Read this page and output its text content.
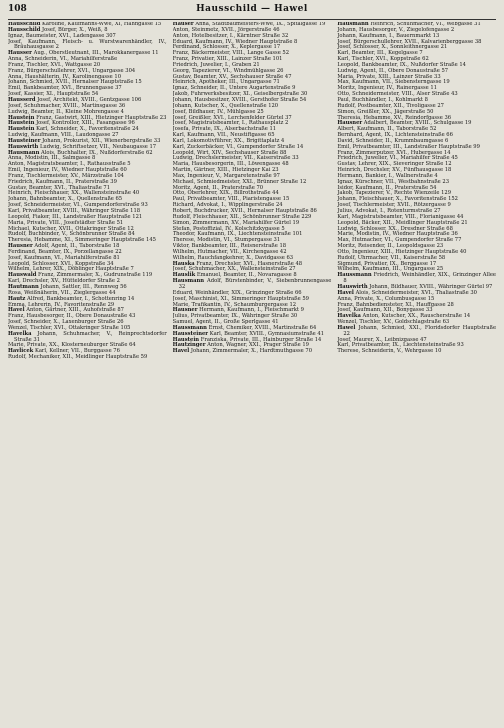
108	Hausschild — Hawel
Hausschild Karoline, Kaufmanns-Wwe, XI, Hahngasse 15
Hausschild Josef, Bürger, X., Weiß, 8
Ignaz, Baumeister, XVI., Ladengasse 307
Josef, Kaufmann, Fleisch- u. Wurstwarenhändler, IV., Bräuhausgasse 2
Hausser Aug., Oberstleutnant, III., Marokkanergasse 11
Anna, Schneiderin, VI., Mariahilferstraße
Franz, Tischler, XVI., Wattgasse 20
Franz, Bürgerschullehrer, XVI., Ungargasse 304
Anna, Haushälterin, IV., Karolinengasse 10
Johann, Schmied, XVII., Hernalser Hauptstraße 15
Emil, Bankbeamter, XVI., Brunnengasse 37
Josef, Kassier, XI., Hauptstraße 54
Hausserd Josef, Architekt, XVIII., Gentzgasse 106
Josef, Schuhmacher, XVIII., Martinsgasse 36
Ludwig, Beamter, II., Kleine Mohrengasse 4
Haustein Franz, Gastwirt, XIII., Hietzinger Hauptstraße 23
Haustein Josef, Kontrollor, XIII., Fasangasse 96
Haustein Karl, Schneider, X., Favoritenstraße 24
Ludwig, Kaufmann, VIII., Laudongasse 27
Hausteiner Johann, Prokurist, XII., Wienerbergstraße 33
Hauswirth Ludwig, Schriftsetzer, VII., Neubaugasse 17
Hausmann Alois, Buchhalter, IX., Nußdorferstraße 62
Anna, Modistin, III., Salmgasse 8
Anton, Magistratsbeamter, I., Rathausstraße 5
Emil, Ingenieur, IV., Wiedner Hauptstraße 60
Franz, Tischlermeister, XV., Märzstraße 104
Friedrich, Kaufmann, II., Praterstraße 39
Gustav, Beamter, XVI., Thaliastraße 71
Heinrich, Fleischhauer, XX., Wallensteinstraße 40
Johann, Bahnbeamter, X., Quellenstraße 65
Josef, Schneidermeister, VI., Gumpendorferstraße 93
Karl, Privatbeamter, XVIII., Währinger Straße 118
Leopold, Fiaker, III., Landstraßer Hauptstraße 121
Maria, Private, VIII., Josefstädter Straße 51
Michael, Kutscher, XVII., Ottakringer Straße 12
Rudolf, Buchbinder, V., Schönbrunner Straße 84
Theresia, Hebamme, XI., Simmeringer Hauptstraße 145
Hausner Adolf, Agent, II., Taborstraße 18
Ferdinand, Beamter, IX., Porzellangasse 22
Josef, Kaufmann, VI., Mariahilferstraße 81
Leopold, Schlosser, XVI., Koppstraße 34
Wilhelm, Lehrer, XIX., Döblinger Hauptstraße 7
Hauswald Franz, Zimmermaler, X., Gudrunstraße 119
Karl, Drechsler, XV., Hütteldorfer Straße 2
Hautmann Johann, Sattler, III., Rennweg 56
Rosa, Weißnäherin, VII., Zieglergasse 44
Hautz Alfred, Bankbeamter, I., Schottenring 14
Emma, Lehrerin, IV., Favoritenstraße 29
Havel Anton, Gärtner, XIII., Auhofstraße 87
Franz, Hausbesorger, II., Obere Donaustraße 43
Josef, Schneider, X., Laxenburger Straße 26
Wenzel, Tischler, XVI., Ottakringer Straße 105
Havelka Johann, Schuhmacher, V., Reinprechtsdorfer Straße 31
Marie, Private, XX., Klosterneuburger Straße 64
Havlicek Karl, Kellner, VII., Burggasse 76
Rudolf, Mechaniker, XII., Meidlinger Hauptstraße 59
Hauser Anna, Stadtbaumeisters-Wwe, IX., Spitalgasse 19
Anton, Steinmetz, XVII., Jörgerstraße 46
Anton, Hotelbesitzer, I., Kärntner Straße 32
Eduard, Kaufmann, IV., Wiedner Hauptstraße 8
Ferdinand, Schlosser, X., Keplergasse 17
Franz, Bäckermeister, VIII., Lange Gasse 52
Franz, Privatier, XIII., Lainzer Straße 101
Friedrich, Juwelier, I., Graben 21
Georg, Tapezierer, VI., Windmühlgasse 26
Gustav, Beamter, XV., Sechshauser Straße 47
Heinrich, Apotheker, III., Ungargasse 71
Ignaz, Schneider, II., Untere Augartenstraße 9
Jakob, Fuhrwerksbesitzer, XI., Geiselbergstraße 30
Johann, Hausbesitzer, XVIII., Gersthofer Straße 54
Johann, Kutscher, X., Quellenstraße 120
Josef, Bildhauer, IV., Mühlgasse 25
Josef, Greißler, XVI., Lerchenfelder Gürtel 37
Josef, Magistratsbeamter, I., Rathausplatz 2
Josefa, Private, IX., Alserbachstraße 11
Karl, Kaufmann, VII., Neustiftgasse 65
Karl, Lokomotivführer, XX., Brigittaplatz 4
Karl, Zuckerbäcker, VI., Gumpendorfer Straße 14
Leopold, Wirt, XIV., Sechshauser Straße 88
Ludwig, Drechslermeister, VII., Kaiserstraße 33
Maria, Hausbesorgerin, III., Löwengasse 48
Martin, Gärtner, XIII., Hietzinger Kai 23
Max, Ingenieur, V., Margaretenstraße 97
Michael, Schmiedmeister, XXI., Brünner Straße 12
Moritz, Agent, II., Praterstraße 70
Otto, Oberlehrer, XIX., Billrothstraße 44
Paul, Privatbeamter, VIII., Piaristengasse 15
Richard, Advokat, I., Wipplingerstraße 24
Robert, Buchdrucker, XVII., Hernalser Hauptstraße 86
Rudolf, Fleischhauer, XII., Schönbrunner Straße 229
Simon, Zimmermann, XV., Mariahilfer Gürtel 19
Stefan, Postoffizial, IV., Kolschitzkygasse 5
Theodor, Kaufmann, IX., Liechtensteinstraße 101
Therese, Modistin, VI., Stumpergasse 31
Viktor, Bankbeamter, III., Reisnerstraße 18
Wilhelm, Hutmacher, VII., Kirchengasse 42
Wilhelm, Rauchfangkehrer, X., Davidgasse 63
Hauska Franz, Drechsler, XVI., Hasnerstraße 48
Josef, Schuhmacher, XX., Wallensteinstraße 27
Hauslik Emanuel, Beamter, II., Novaragasse 8
Hausmann Adolf, Bürstenbinder, V., Siebenbrunnengasse 32
Eduard, Weinhändler, XIX., Grinzinger Straße 66
Josef, Maschinist, XI., Simmeringer Hauptstraße 59
Marie, Trafikantin, IV., Schaumburgergasse 12
Hausner Hermann, Kaufmann, I., Fleischmarkt 9
Julius, Privatbeamter, IX., Währinger Straße 30
Samuel, Agent, II., Große Sperlgasse 41
Haussmann Ernst, Chemiker, XVIII., Martinstraße 64
Haussteiner Karl, Beamter, XVIII., Gymnasiumstraße 41
Haustein Franziska, Private, III., Hainburger Straße 14
Hautzinger Anton, Wagner, XXI., Prager Straße 19
Havel Johann, Zimmermaler, X., Hardtmuthgasse 70
Hausmann Heinrich, Schuhmacher, VI., Webgasse 31
Johann, Hausbesorger, V., Ziegelofengasse 2
Johann, Kaufmann, I., Bauernmarkt 13
Josef, Bürgerschullehrer, XVII., Kalvarienberggasse 38
Josef, Schlosser, X., Sonnleithnergasse 21
Karl, Beamter, III., Kegelgasse 7
Karl, Tischler, XVI., Koppstraße 62
Leopold, Bankbeamter, IX., Nußdorfer Straße 14
Ludwig, Agent, II., Obere Donaustraße 57
Maria, Private, XIII., Lainzer Straße 33
Max, Kaufmann, VII., Siebensterngasse 19
Moritz, Ingenieur, IV., Rainergasse 11
Otto, Schneidermeister, VIII., Alser Straße 43
Paul, Buchhändler, I., Kohlmarkt 8
Rudolf, Postbeamter, XII., Tivoligasse 27
Simon, Greißler, XX., Jägerstraße 50
Theresia, Hebamme, XV., Reindorfgasse 36
Hausner Adalbert, Beamter, XVIII., Schulgasse 19
Albert, Kaufmann, II., Taborstraße 52
Bernhard, Agent, IX., Lichtensteinstraße 66
David, Schneider, II., Krummbaumgasse 6
Emil, Privatbeamter, III., Landstraßer Hauptstraße 99
Franz, Zimmerputzer, XVI., Hubergasse 14
Friedrich, Juwelier, VI., Mariahilfer Straße 45
Gustav, Lehrer, XIX., Sieveringer Straße 12
Heinrich, Drechsler, XV., Fünfhausgasse 18
Hermann, Bankier, I., Wallnerstraße 4
Ignaz, Kürschner, VII., Westbahnstraße 23
Isidor, Kaufmann, II., Praterstraße 54
Jakob, Tapezierer, V., Rechte Wienzeile 129
Johann, Fleischhauer, X., Favoritenstraße 152
Josef, Tischlermeister, XVII., Rötzergasse 9
Julius, Advokat, I., Rotenturmstraße 27
Karl, Magistratsbeamter, VIII., Florianigasse 44
Leopold, Bäcker, XII., Meidlinger Hauptstraße 21
Ludwig, Schlosser, XX., Dresdner Straße 68
Marie, Modistin, IV., Wiedner Hauptstraße 36
Max, Hutmacher, VI., Gumpendorfer Straße 77
Moritz, Reisender, II., Leopoldsgasse 23
Otto, Ingenieur, XIII., Hietzinger Hauptstraße 40
Rudolf, Uhrmacher, VII., Kaiserstraße 58
Sigmund, Privatier, IX., Berggasse 17
Wilhelm, Kaufmann, III., Ungargasse 25
Haussmann Friedrich, Weinhändler, XIX., Grinzinger Allee 8
Hauswirth Johann, Bildhauer, XVIII., Währinger Gürtel 97
Havel Alois, Schneidermeister, XVI., Thaliastraße 30
Anna, Private, X., Columbusgasse 15
Franz, Bahnbediensteter, XI., Hauffgasse 28
Josef, Kaufmann, XII., Bonygasse 33
Havelka Anton, Kutscher, XX., Rauscherstraße 14
Wenzel, Tischler, XV., Goldschlagstraße 63
Hawel Johann, Schmied, XXI., Floridsdorfer Hauptstraße 22
Josef, Maurer, X., Leibnizgasse 47
Karl, Privatbeamter, IX., Liechtensteinstraße 93
Therese, Schneiderin, V., Wehrgasse 10
